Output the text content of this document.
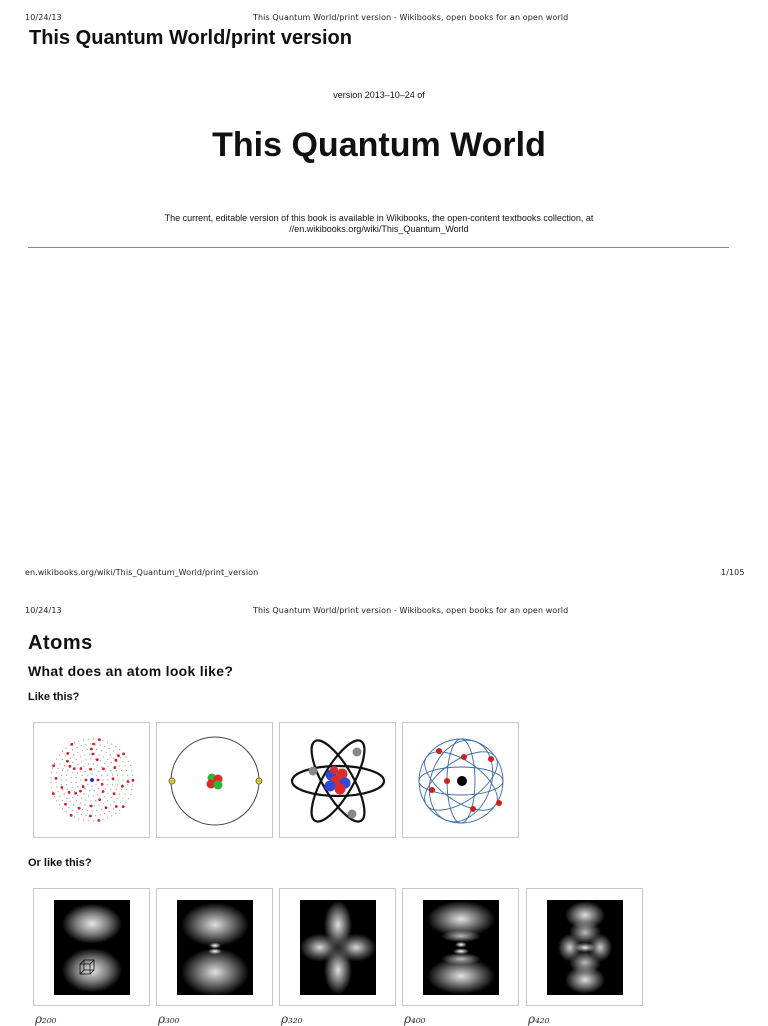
10/24/13	This Quantum World/print version - Wikibooks, open books for an open world
This Quantum World/print version
version 2013–10–24 of
This Quantum World
The current, editable version of this book is available in Wikibooks, the open-content textbooks collection, at
//en.wikibooks.org/wiki/This_Quantum_World
en.wikibooks.org/wiki/This_Quantum_World/print_version	1/105
10/24/13	This Quantum World/print version - Wikibooks, open books for an open world
Atoms
What does an atom look like?
Like this?
Or like this?
ρ₂₀₀	ρ₃₀₀	ρ₃₂₀	ρ₄₀₀	ρ₄₂₀
